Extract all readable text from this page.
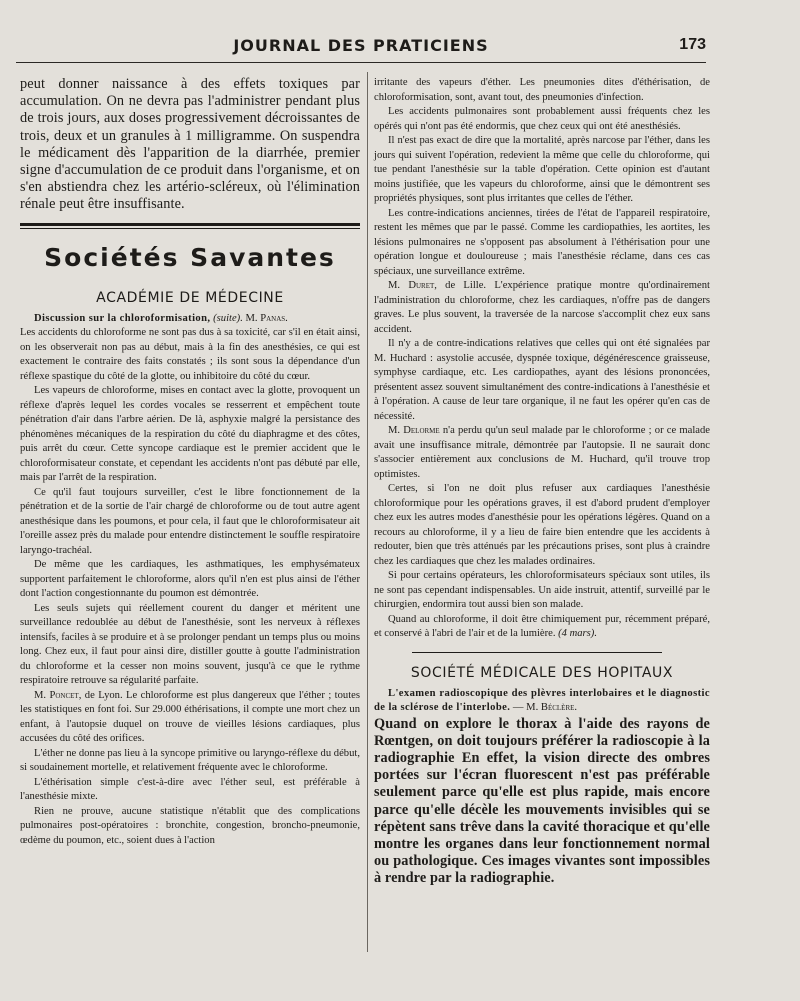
JOURNAL DES PRATICIENS	173

peut donner naissance à des effets toxiques par accumulation. On ne devra pas l'administrer pendant plus de trois jours, aux doses progressivement décroissantes de trois, deux et un granules à 1 milligramme. On suspendra le médicament dès l'apparition de la diarrhée, premier signe d'accumulation de ce produit dans l'organisme, et on s'en abstiendra chez les artério-scléreux, où l'élimination rénale peut être insuffisante.

Sociétés Savantes
ACADÉMIE DE MÉDECINE

Discussion sur la chloroformisation, (suite). M. Panas.

Les accidents du chloroforme ne sont pas dus à sa toxicité, car s'il en était ainsi, on les observerait non pas au début, mais à la fin des anesthésies, ce qui est exactement le contraire des faits constatés ; ils sont sous la dépendance d'un réflexe spastique du côté de la glotte, ou inhibitoire du côté du cœur.

Les vapeurs de chloroforme, mises en contact avec la glotte, provoquent un réflexe d'après lequel les cordes vocales se resserrent et empêchent toute pénétration d'air dans l'arbre aérien. De là, asphyxie malgré la persistance des phénomènes mécaniques de la respiration du côté du diaphragme et des côtes, puis arrêt du cœur. Cette syncope cardiaque est le premier accident que le chloroformisateur constate, et cependant les accidents n'ont pas débuté par elle, mais par l'arrêt de la respiration.

Ce qu'il faut toujours surveiller, c'est le libre fonctionnement de la pénétration et de la sortie de l'air chargé de chloroforme ou de tout autre agent anesthésique dans les poumons, et pour cela, il faut que le chloroformisateur ait l'oreille assez près du malade pour entendre distinctement le souffle respiratoire laryngo-trachéal.

De même que les cardiaques, les asthmatiques, les emphysémateux supportent parfaitement le chloroforme, alors qu'il n'en est plus ainsi de l'éther dont l'action congestionnante du poumon est démontrée.

Les seuls sujets qui réellement courent du danger et méritent une surveillance redoublée au début de l'anesthésie, sont les nerveux à réflexes intensifs, faciles à se produire et à se prolonger pendant un temps plus ou moins long. Chez eux, il faut pour ainsi dire, distiller goutte à goutte l'administration du chloroforme et la cesser non moins souvent, jusqu'à ce que le rythme respiratoire retrouve sa régularité parfaite.

M. Poncet, de Lyon. Le chloroforme est plus dangereux que l'éther ; toutes les statistiques en font foi. Sur 29.000 éthérisations, il compte une mort chez un enfant, à l'autopsie duquel on trouve de vieilles lésions cardiaques, plus accusées du côté des orifices.

L'éther ne donne pas lieu à la syncope primitive ou laryngo-réflexe du début, si soudainement mortelle, et relativement fréquente avec le chloroforme.

L'éthérisation simple c'est-à-dire avec l'éther seul, est préférable à l'anesthésie mixte.

Rien ne prouve, aucune statistique n'établit que des complications pulmonaires post-opératoires : bronchite, congestion, broncho-pneumonie, œdème du poumon, etc., soient dues à l'action

irritante des vapeurs d'éther. Les pneumonies dites d'éthérisation, de chloroformisation, sont, avant tout, des pneumonies d'infection.

Les accidents pulmonaires sont probablement aussi fréquents chez les opérés qui n'ont pas été endormis, que chez ceux qui ont été anesthésiés.

Il n'est pas exact de dire que la mortalité, après narcose par l'éther, dans les jours qui suivent l'opération, redevient la même que celle du chloroforme, qui tue pendant l'anesthésie sur la table d'opération. Cette opinion est d'autant moins justifiée, que les vapeurs du chloroforme, ainsi que le démontrent ses propriétés physiques, sont plus irritantes que celles de l'éther.

Les contre-indications anciennes, tirées de l'état de l'appareil respiratoire, restent les mêmes que par le passé. Comme les cardiopathies, les aortites, les lésions pulmonaires ne s'opposent pas absolument à l'éthérisation pour une opération longue et douloureuse ; mais l'anesthésie réclame, dans ces cas spéciaux, une surveillance extrême.

M. Duret, de Lille. L'expérience pratique montre qu'ordinairement l'administration du chloroforme, chez les cardiaques, n'offre pas de dangers graves. Le plus souvent, la traversée de la narcose s'accomplit chez eux sans accident.

Il n'y a de contre-indications relatives que celles qui ont été signalées par M. Huchard : asystolie accusée, dyspnée toxique, dégénérescence graisseuse, symphyse cardiaque, etc. Les cardiopathes, ayant des lésions prononcées, présentent assez souvent simultanément des contre-indications à l'anesthésie et à l'opération. A cause de leur tare organique, il ne faut les opérer qu'en cas de nécessité.

M. Delorme n'a perdu qu'un seul malade par le chloroforme ; or ce malade avait une insuffisance mitrale, démontrée par l'autopsie. Il ne saurait donc s'associer entièrement aux conclusions de M. Huchard, qu'il trouve trop optimistes.

Certes, si l'on ne doit plus refuser aux cardiaques l'anesthésie chloroformique pour les opérations graves, il est d'abord prudent d'employer chez eux les autres modes d'anesthésie pour les opérations légères. Quand on a recours au chloroforme, il y a lieu de faire bien entendre que les accidents à redouter, bien que très atténués par les précautions prises, sont plus à craindre chez les cardiaques que chez les malades ordinaires.

Si pour certains opérateurs, les chloroformisateurs spéciaux sont utiles, ils ne sont pas cependant indispensables. Un aide instruit, attentif, surveillé par le chirurgien, endormira tout aussi bien son malade.

Quand au chloroforme, il doit être chimiquement pur, récemment préparé, et conservé à l'abri de l'air et de la lumière. (4 mars).

SOCIÉTÉ MÉDICALE DES HOPITAUX

L'examen radioscopique des plèvres interlobaires et le diagnostic de la sclérose de l'interlobe. — M. Béclère.

Quand on explore le thorax à l'aide des rayons de Rœntgen, on doit toujours préférer la radioscopie à la radiographie En effet, la vision directe des ombres portées sur l'écran fluorescent n'est pas préférable seulement parce qu'elle est plus rapide, mais encore parce qu'elle décèle les mouvements invisibles qui se répètent sans trêve dans la cavité thoracique et qu'elle montre les organes dans leur fonctionnement normal ou pathologique. Ces images vivantes sont impossibles à rendre par la radiographie.
